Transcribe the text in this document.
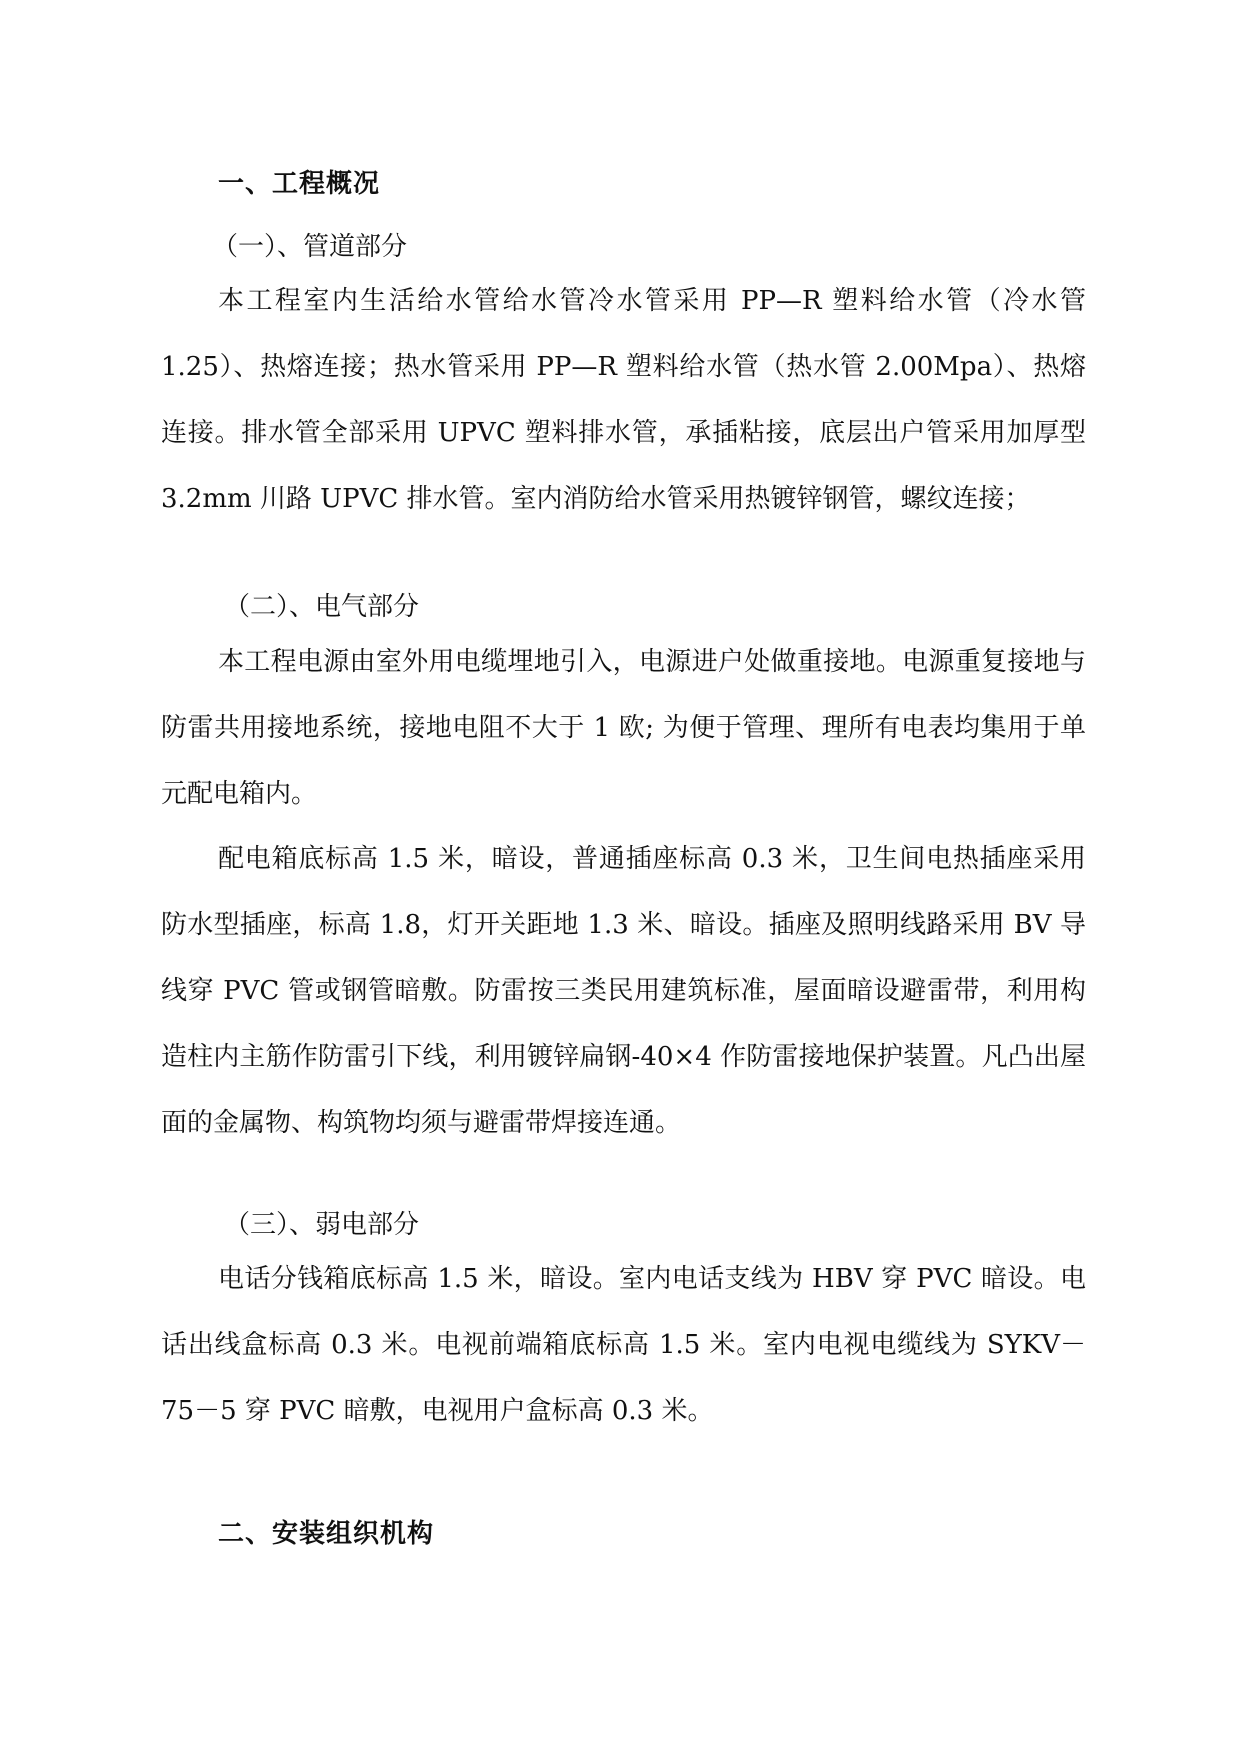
一、工程概况
（一）、管道部分

本工程室内生活给水管给水管冷水管采用 PP—R 塑料给水管（冷水管 1.25）、热熔连接；热水管采用 PP—R 塑料给水管（热水管 2.00Mpa）、热熔连接。排水管全部采用 UPVC 塑料排水管，承插粘接，底层出户管采用加厚型 3.2mm 川路 UPVC 排水管。室内消防给水管采用热镀锌钢管，螺纹连接；

（二）、电气部分

本工程电源由室外用电缆埋地引入，电源进户处做重接地。电源重复接地与防雷共用接地系统，接地电阻不大于 1 欧; 为便于管理、理所有电表均集用于单元配电箱内。

配电箱底标高 1.5 米，暗设，普通插座标高 0.3 米，卫生间电热插座采用防水型插座，标高 1.8，灯开关距地 1.3 米、暗设。插座及照明线路采用 BV 导线穿 PVC 管或钢管暗敷。防雷按三类民用建筑标准，屋面暗设避雷带，利用构造柱内主筋作防雷引下线，利用镀锌扁钢-40×4 作防雷接地保护装置。凡凸出屋面的金属物、构筑物均须与避雷带焊接连通。

（三）、弱电部分

电话分钱箱底标高 1.5 米，暗设。室内电话支线为 HBV 穿 PVC 暗设。电话出线盒标高 0.3 米。电视前端箱底标高 1.5 米。室内电视电缆线为 SYKV－75－5 穿 PVC 暗敷，电视用户盒标高 0.3 米。

二、安装组织机构
